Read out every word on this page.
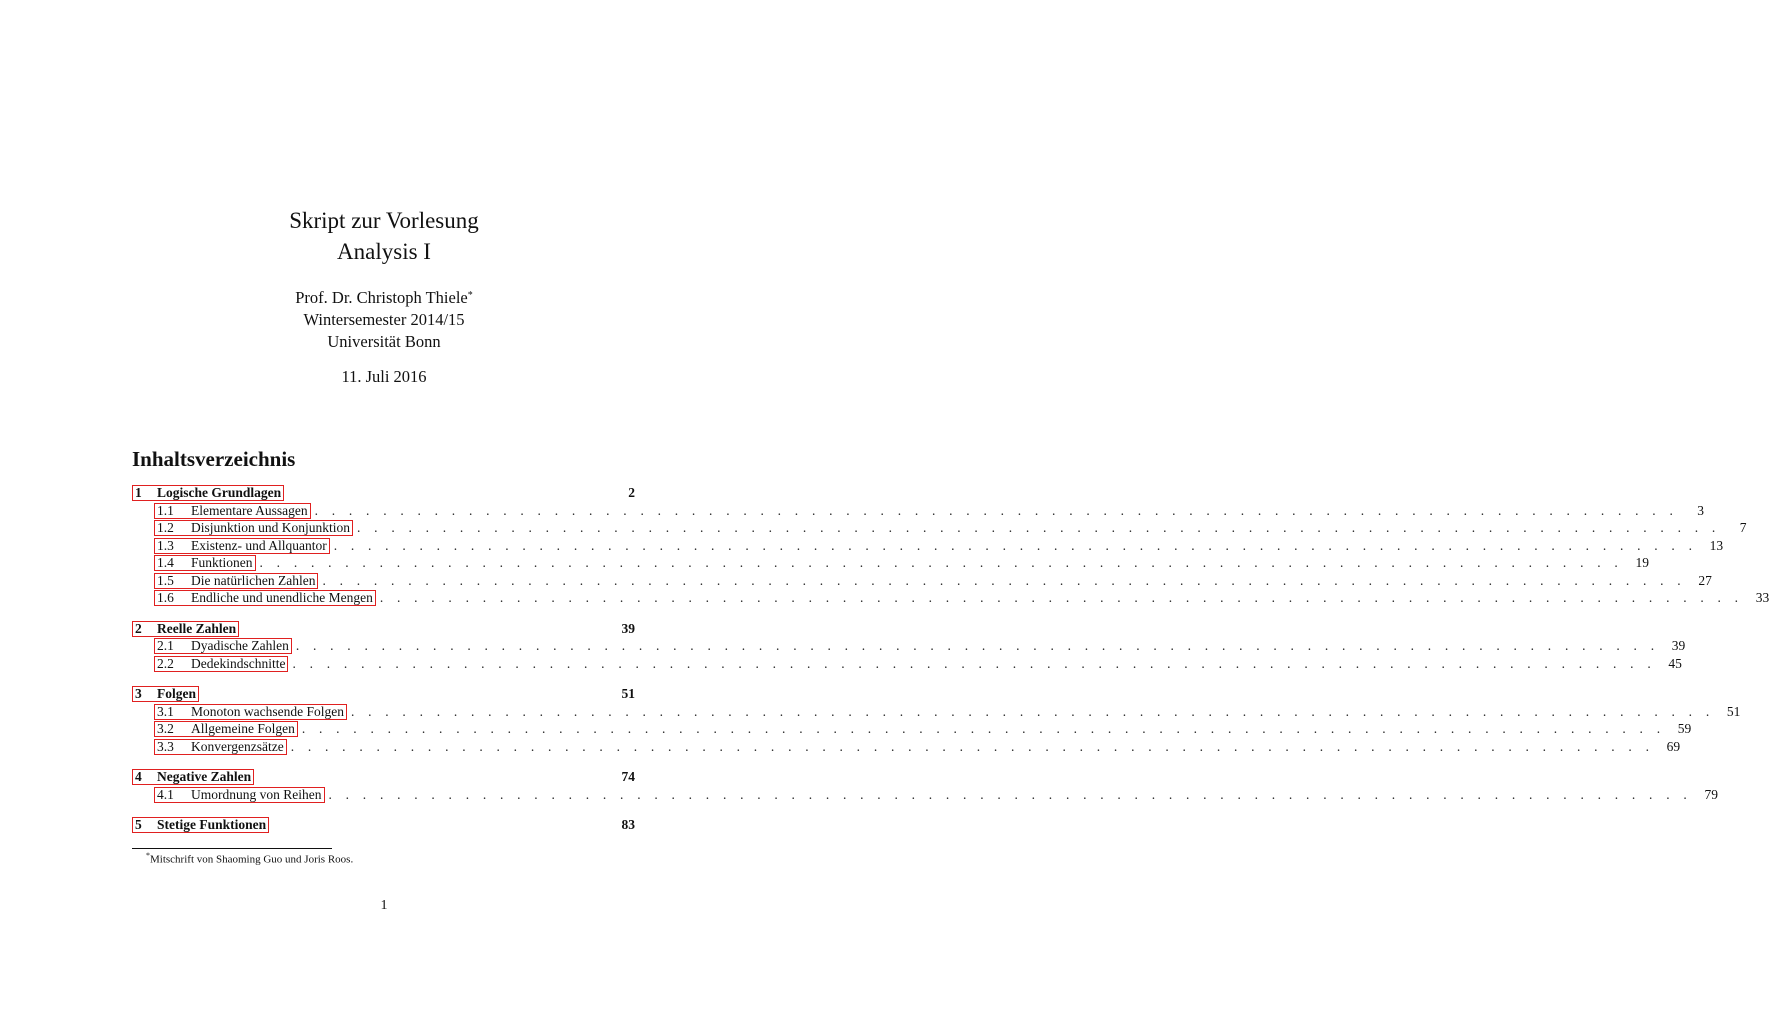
Skript zur Vorlesung
Analysis I
Prof. Dr. Christoph Thiele*
Wintersemester 2014/15
Universität Bonn
11. Juli 2016
Inhaltsverzeichnis
1 Logische Grundlagen	2
1.1 Elementare Aussagen . . . . . . . . . . . . . . . . . . . . . . . . . . . . . . . . . . . . . . . . . . . . . . . . . . . . . . . . . . . . . . . . . . . . . . . . . . . . . . . .	3
1.2 Disjunktion und Konjunktion . . . . . . . . . . . . . . . . . . . . . . . . . . . . . . . . . . . . . . . . . . . . . . . . . . . . . . . . . . . . . . . . . . . . . . . . . . . . . . . .	7
1.3 Existenz- und Allquantor . . . . . . . . . . . . . . . . . . . . . . . . . . . . . . . . . . . . . . . . . . . . . . . . . . . . . . . . . . . . . . . . . . . . . . . . . . . . . . . . 13
1.4 Funktionen . . . . . . . . . . . . . . . . . . . . . . . . . . . . . . . . . . . . . . . . . . . . . . . . . . . . . . . . . . . . . . . . . . . . . . . . . . . . . . . . 19
1.5 Die natürlichen Zahlen . . . . . . . . . . . . . . . . . . . . . . . . . . . . . . . . . . . . . . . . . . . . . . . . . . . . . . . . . . . . . . . . . . . . . . . . . . . . . . . . 27
1.6 Endliche und unendliche Mengen . . . . . . . . . . . . . . . . . . . . . . . . . . . . . . . . . . . . . . . . . . . . . . . . . . . . . . . . . . . . . . . . . . . . . . . . . . . . . . . . 33
2 Reelle Zahlen	39
2.1 Dyadische Zahlen . . . . . . . . . . . . . . . . . . . . . . . . . . . . . . . . . . . . . . . . . . . . . . . . . . . . . . . . . . . . . . . . . . . . . . . . . . . . . . . . 39
2.2 Dedekindschnitte . . . . . . . . . . . . . . . . . . . . . . . . . . . . . . . . . . . . . . . . . . . . . . . . . . . . . . . . . . . . . . . . . . . . . . . . . . . . . . . . 45
3 Folgen	51
3.1 Monoton wachsende Folgen . . . . . . . . . . . . . . . . . . . . . . . . . . . . . . . . . . . . . . . . . . . . . . . . . . . . . . . . . . . . . . . . . . . . . . . . . . . . . . . . 51
3.2 Allgemeine Folgen . . . . . . . . . . . . . . . . . . . . . . . . . . . . . . . . . . . . . . . . . . . . . . . . . . . . . . . . . . . . . . . . . . . . . . . . . . . . . . . . 59
3.3 Konvergenzsätze . . . . . . . . . . . . . . . . . . . . . . . . . . . . . . . . . . . . . . . . . . . . . . . . . . . . . . . . . . . . . . . . . . . . . . . . . . . . . . . . 69
4 Negative Zahlen	74
4.1 Umordnung von Reihen . . . . . . . . . . . . . . . . . . . . . . . . . . . . . . . . . . . . . . . . . . . . . . . . . . . . . . . . . . . . . . . . . . . . . . . . . . . . . . . . 79
5 Stetige Funktionen	83
*Mitschrift von Shaoming Guo und Joris Roos.
1
